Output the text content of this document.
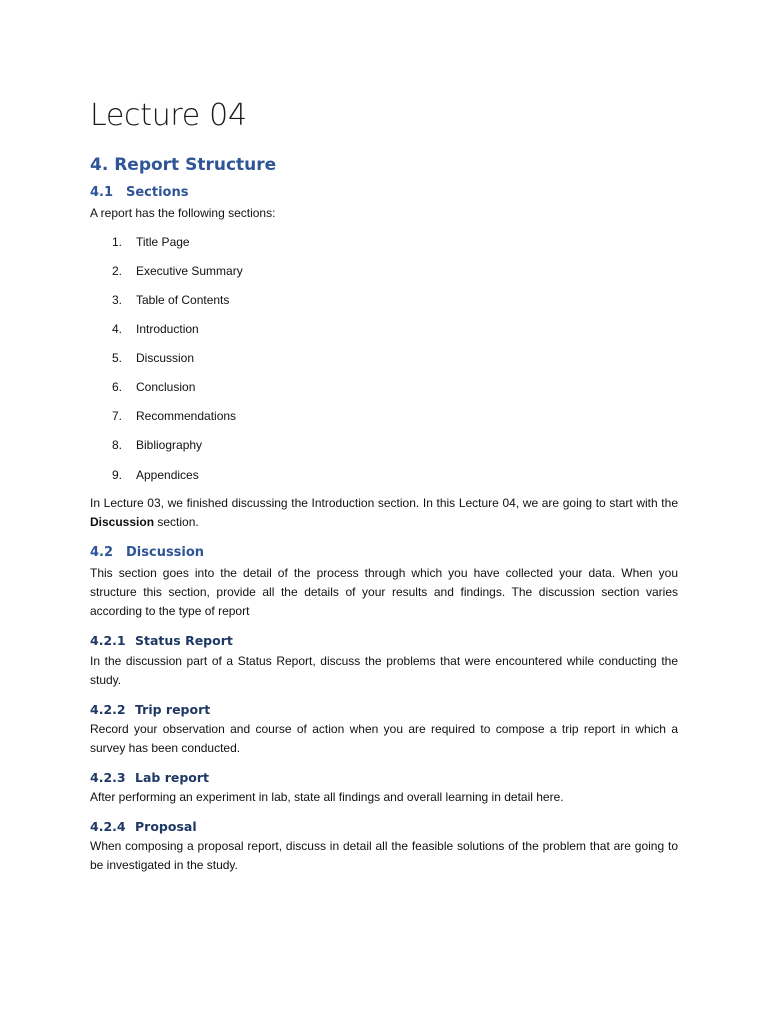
Lecture 04
4. Report Structure
4.1 Sections

A report has the following sections:

1. Title Page
2. Executive Summary
3. Table of Contents
4. Introduction
5. Discussion
6. Conclusion
7. Recommendations
8. Bibliography
9. Appendices

In Lecture 03, we finished discussing the Introduction section. In this Lecture 04, we are going to start with the Discussion section.

4.2 Discussion

This section goes into the detail of the process through which you have collected your data. When you structure this section, provide all the details of your results and findings. The discussion section varies according to the type of report

4.2.1 Status Report

In the discussion part of a Status Report, discuss the problems that were encountered while conducting the study.

4.2.2 Trip report

Record your observation and course of action when you are required to compose a trip report in which a survey has been conducted.

4.2.3 Lab report

After performing an experiment in lab, state all findings and overall learning in detail here.

4.2.4 Proposal

When composing a proposal report, discuss in detail all the feasible solutions of the problem that are going to be investigated in the study.
